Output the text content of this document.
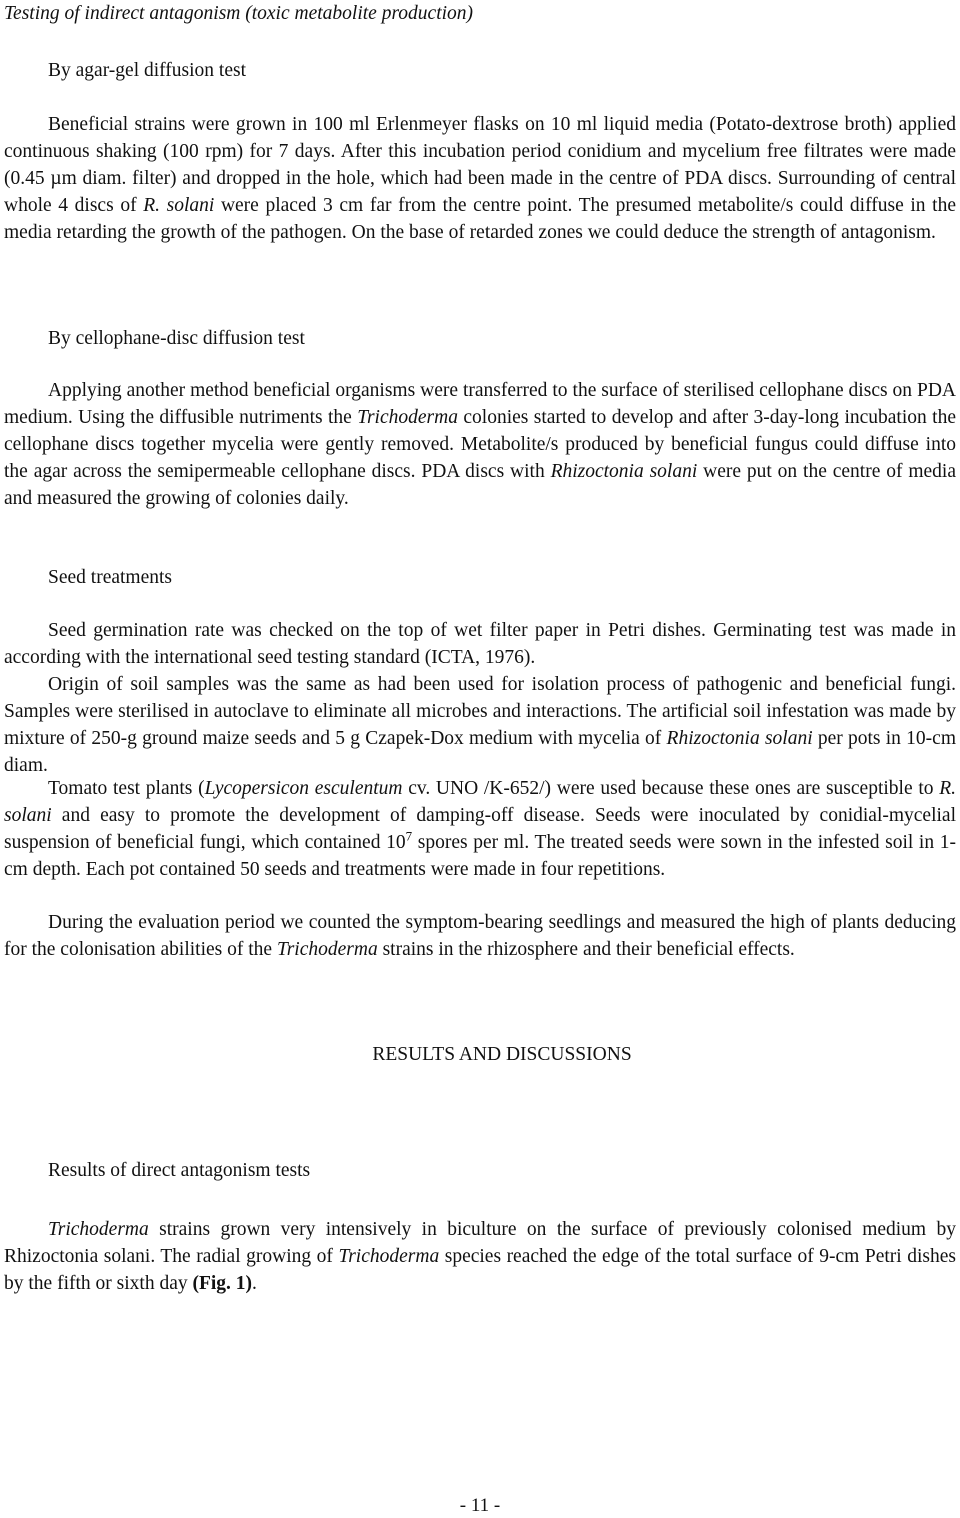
Testing of indirect antagonism (toxic metabolite production)
By agar-gel diffusion test
Beneficial strains were grown in 100 ml Erlenmeyer flasks on 10 ml liquid media (Potato-dextrose broth) applied continuous shaking (100 rpm) for 7 days. After this incubation period conidium and mycelium free filtrates were made (0.45 µm diam. filter) and dropped in the hole, which had been made in the centre of PDA discs. Surrounding of central whole 4 discs of R. solani were placed 3 cm far from the centre point. The presumed metabolite/s could diffuse in the media retarding the growth of the pathogen. On the base of retarded zones we could deduce the strength of antagonism.
By cellophane-disc diffusion test
Applying another method beneficial organisms were transferred to the surface of sterilised cellophane discs on PDA medium. Using the diffusible nutriments the Trichoderma colonies started to develop and after 3-day-long incubation the cellophane discs together mycelia were gently removed. Metabolite/s produced by beneficial fungus could diffuse into the agar across the semipermeable cellophane discs. PDA discs with Rhizoctonia solani were put on the centre of media and measured the growing of colonies daily.
Seed treatments
Seed germination rate was checked on the top of wet filter paper in Petri dishes. Germinating test was made in according with the international seed testing standard (ICTA, 1976).
Origin of soil samples was the same as had been used for isolation process of pathogenic and beneficial fungi. Samples were sterilised in autoclave to eliminate all microbes and interactions. The artificial soil infestation was made by mixture of 250-g ground maize seeds and 5 g Czapek-Dox medium with mycelia of Rhizoctonia solani per pots in 10-cm diam.
Tomato test plants (Lycopersicon esculentum cv. UNO /K-652/) were used because these ones are susceptible to R. solani and easy to promote the development of damping-off disease. Seeds were inoculated by conidial-mycelial suspension of beneficial fungi, which contained $10^7$ spores per ml. The treated seeds were sown in the infested soil in 1-cm depth. Each pot contained 50 seeds and treatments were made in four repetitions.
During the evaluation period we counted the symptom-bearing seedlings and measured the high of plants deducing for the colonisation abilities of the Trichoderma strains in the rhizosphere and their beneficial effects.
RESULTS AND DISCUSSIONS
Results of direct antagonism tests
Trichoderma strains grown very intensively in biculture on the surface of previously colonised medium by Rhizoctonia solani. The radial growing of Trichoderma species reached the edge of the total surface of 9-cm Petri dishes by the fifth or sixth day (Fig. 1).
- 11 -
